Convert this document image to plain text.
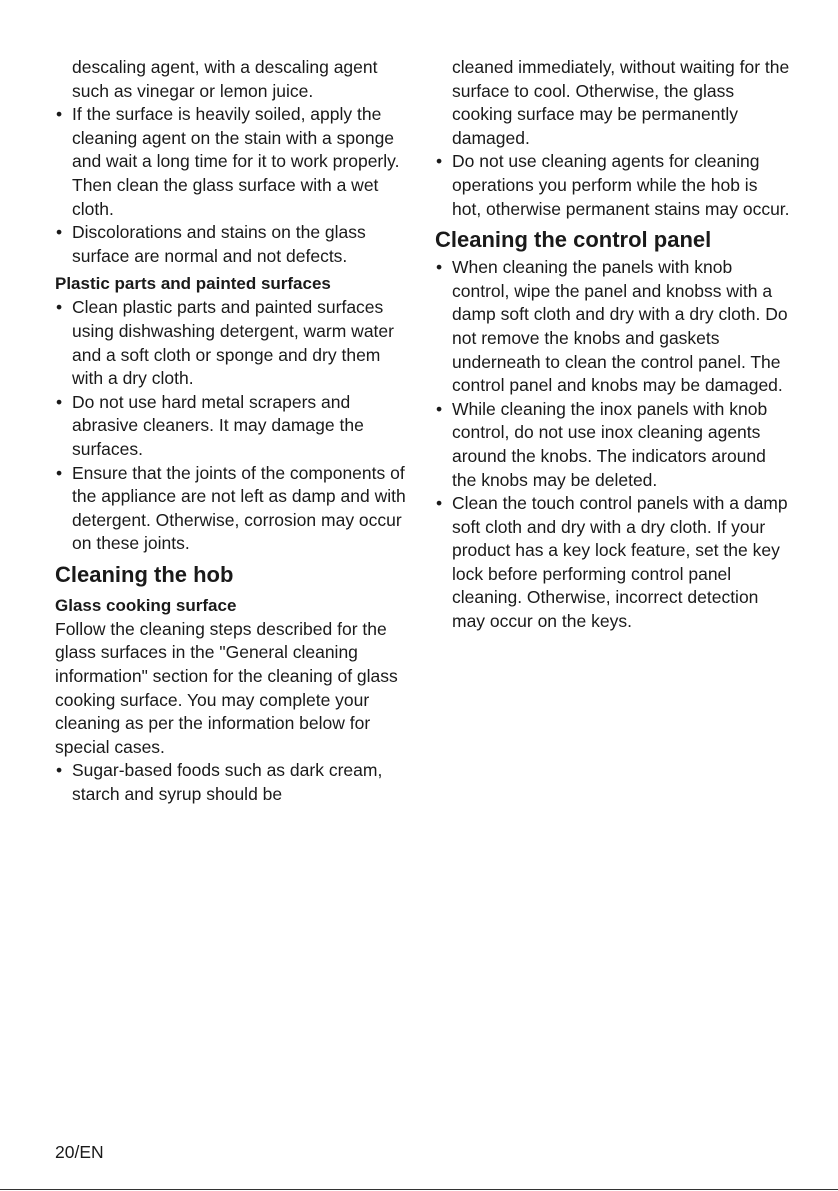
descaling agent, with a descaling agent such as vinegar or lemon juice.

• If the surface is heavily soiled, apply the cleaning agent on the stain with a sponge and wait a long time for it to work properly. Then clean the glass surface with a wet cloth.
• Discolorations and stains on the glass surface are normal and not defects.
Plastic parts and painted surfaces
• Clean plastic parts and painted surfaces using dishwashing detergent, warm water and a soft cloth or sponge and dry them with a dry cloth.
• Do not use hard metal scrapers and abrasive cleaners. It may damage the surfaces.
• Ensure that the joints of the components of the appliance are not left as damp and with detergent. Otherwise, corrosion may occur on these joints.
Cleaning the hob
Glass cooking surface

Follow the cleaning steps described for the glass surfaces in the "General cleaning information" section for the cleaning of glass cooking surface. You may complete your cleaning as per the information below for special cases.

• Sugar-based foods such as dark cream, starch and syrup should be

cleaned immediately, without waiting for the surface to cool. Otherwise, the glass cooking surface may be permanently damaged.

• Do not use cleaning agents for cleaning operations you perform while the hob is hot, otherwise permanent stains may occur.
Cleaning the control panel
• When cleaning the panels with knob control, wipe the panel and knobss with a damp soft cloth and dry with a dry cloth. Do not remove the knobs and gaskets underneath to clean the control panel. The control panel and knobs may be damaged.
• While cleaning the inox panels with knob control, do not use inox cleaning agents around the knobs. The indicators around the knobs may be deleted.
• Clean the touch control panels with a damp soft cloth and dry with a dry cloth. If your product has a key lock feature, set the key lock before performing control panel cleaning. Otherwise, incorrect detection may occur on the keys.
20/EN
